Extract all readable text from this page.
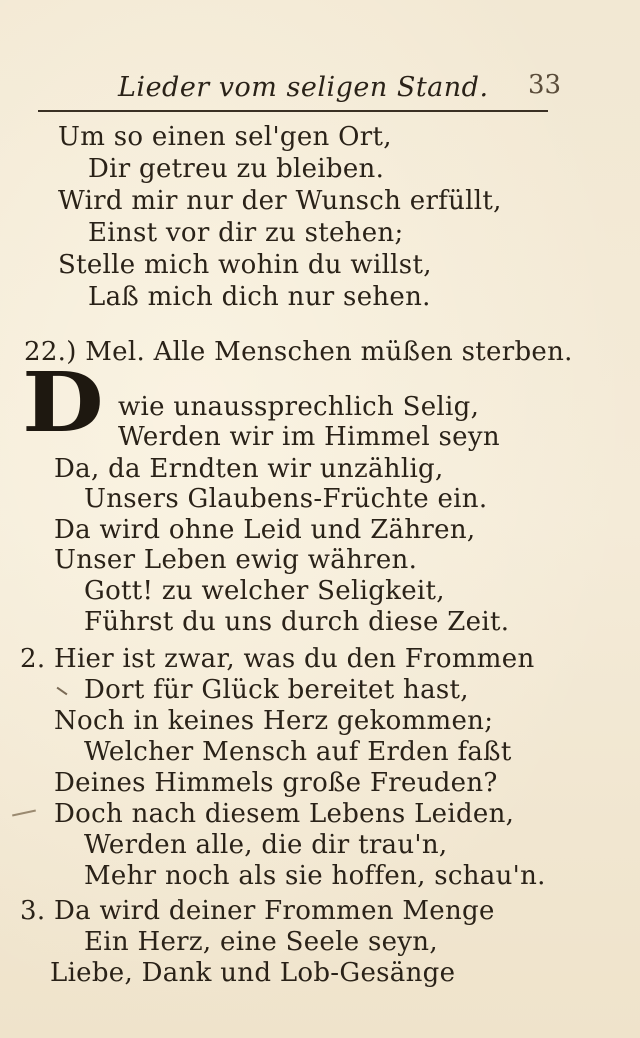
Lieder vom seligen Stand. 33
Um so einen sel'gen Ort,
Dir getreu zu bleiben.
Wird mir nur der Wunsch erfüllt,
Einst vor dir zu stehen;
Stelle mich wohin du willst,
Laß mich dich nur sehen.
22.) Mel. Alle Menschen müßen sterben.
D wie unaussprechlich Selig,
Werden wir im Himmel seyn
Da, da Erndten wir unzählig,
Unsers Glaubens-Früchte ein.
Da wird ohne Leid und Zähren,
Unser Leben ewig währen.
Gott! zu welcher Seligkeit,
Führst du uns durch diese Zeit.
2. Hier ist zwar, was du den Frommen
Dort für Glück bereitet hast,
Noch in keines Herz gekommen;
Welcher Mensch auf Erden faßt
Deines Himmels große Freuden?
Doch nach diesem Lebens Leiden,
Werden alle, die dir trau'n,
Mehr noch als sie hoffen, schau'n.
3. Da wird deiner Frommen Menge
Ein Herz, eine Seele seyn,
Liebe, Dank und Lob-Gesänge
